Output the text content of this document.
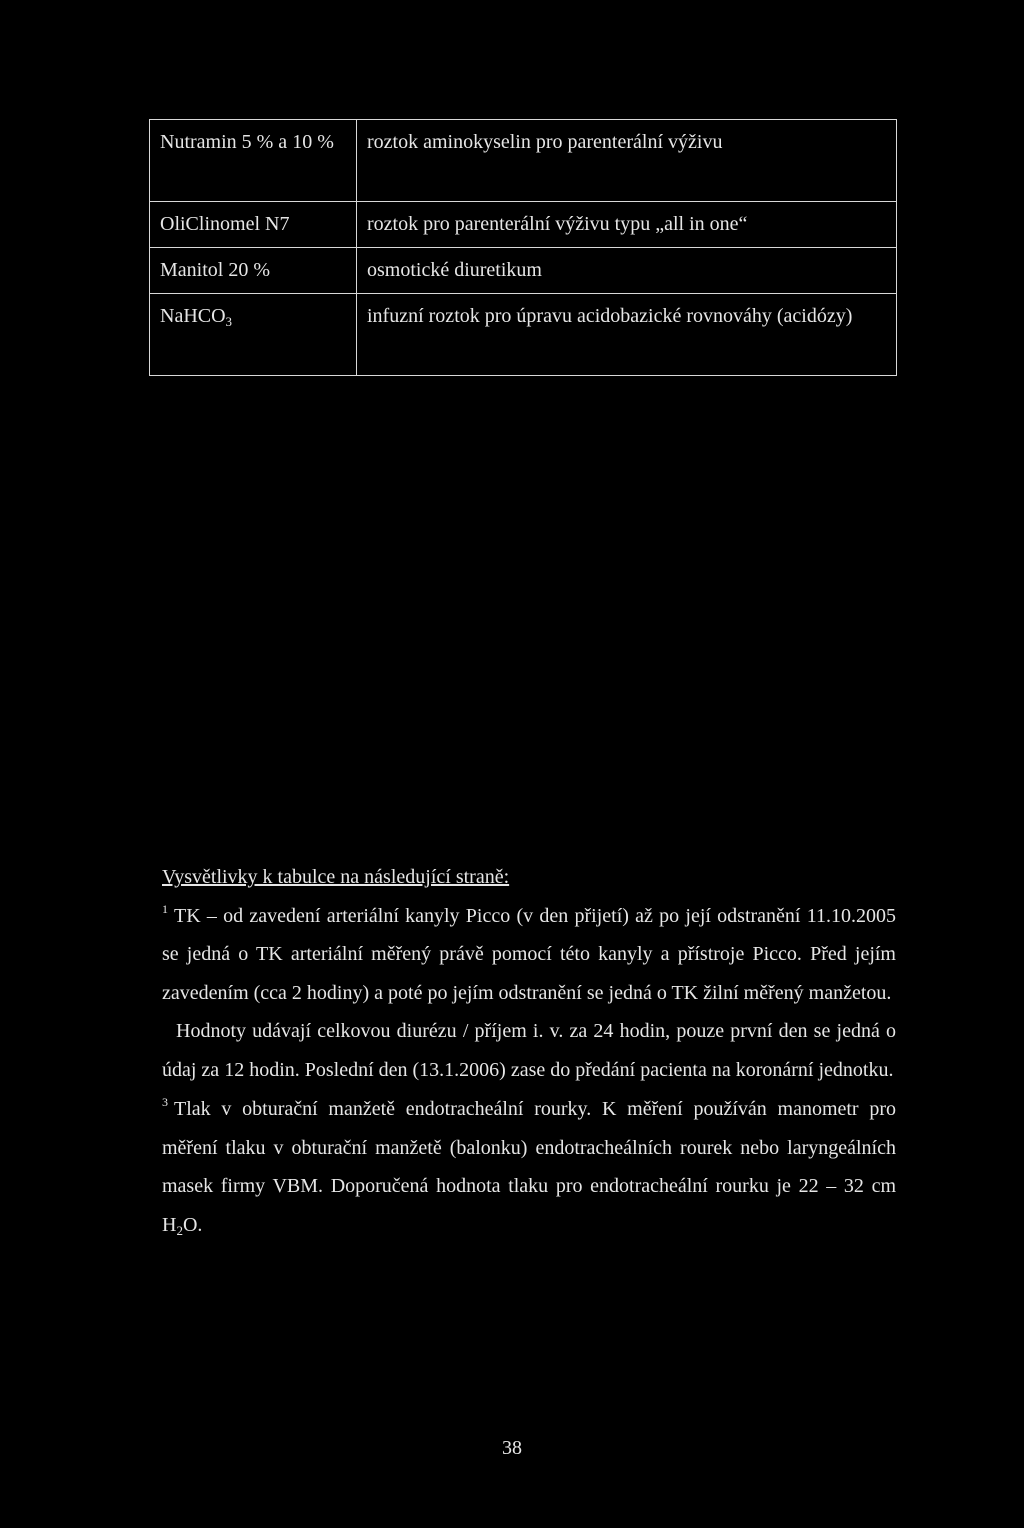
Nutramin 5 % a 10 %	roztok aminokyselin pro parenterální výživu
OliClinomel N7	roztok pro parenterální výživu typu „all in one“
Manitol 20 %	osmotické diuretikum
NaHCO$_3$	infuzní roztok pro úpravu acidobazické rovnováhy (acidózy)

Vysvětlivky k tabulce na následující straně:

$^1$ TK – od zavedení arteriální kanyly Picco (v den přijetí) až po její odstranění 11.10.2005 se jedná o TK arteriální měřený právě pomocí této kanyly a přístroje Picco. Před jejím zavedením (cca 2 hodiny) a poté po jejím odstranění se jedná o TK žilní měřený manžetou.

Hodnoty udávají celkovou diurézu / příjem i. v. za 24 hodin, pouze první den se jedná o údaj za 12 hodin. Poslední den (13.1.2006) zase do předání pacienta na koronární jednotku.

$^3$ Tlak v obturační manžetě endotracheální rourky. K měření používán manometr pro měření tlaku v obturační manžetě (balonku) endotracheálních rourek nebo laryngeálních masek firmy VBM. Doporučená hodnota tlaku pro endotracheální rourku je 22 – 32 cm $H_2O$.

38
